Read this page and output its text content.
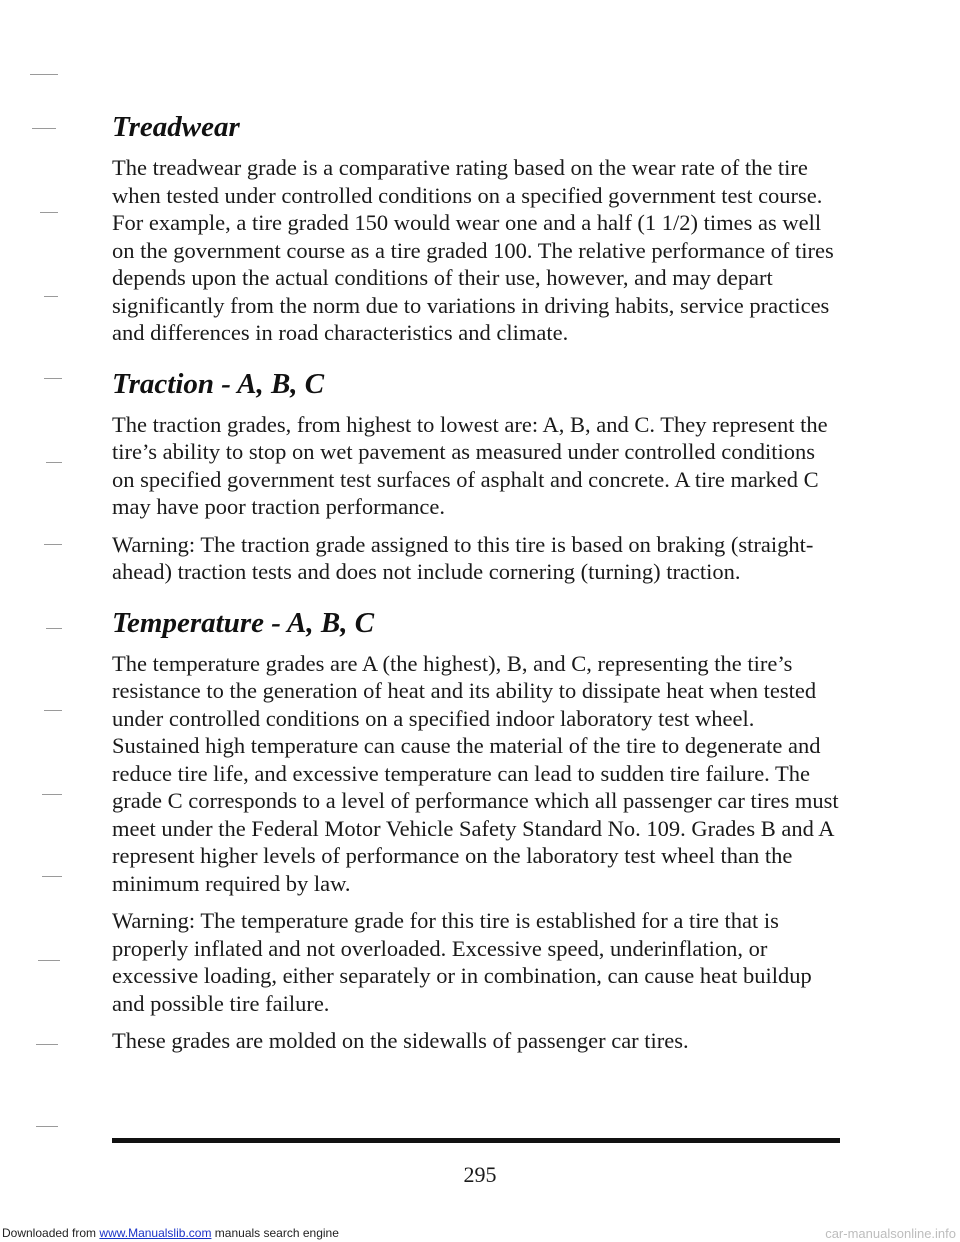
Treadwear

The treadwear grade is a comparative rating based on the wear rate of the tire when tested under controlled conditions on a specified government test course. For example, a tire graded 150 would wear one and a half (1 1/2) times as well on the government course as a tire graded 100. The relative performance of tires depends upon the actual conditions of their use, however, and may depart significantly from the norm due to variations in driving habits, service practices and differences in road characteristics and climate.

Traction - A, B, C

The traction grades, from highest to lowest are: A, B, and C. They represent the tire’s ability to stop on wet pavement as measured under controlled conditions on specified government test surfaces of asphalt and concrete. A tire marked C may have poor traction performance.

Warning: The traction grade assigned to this tire is based on braking (straight-ahead) traction tests and does not include cornering (turning) traction.

Temperature - A, B, C

The temperature grades are A (the highest), B, and C, representing the tire’s resistance to the generation of heat and its ability to dissipate heat when tested under controlled conditions on a specified indoor laboratory test wheel. Sustained high temperature can cause the material of the tire to degenerate and reduce tire life, and excessive temperature can lead to sudden tire failure. The grade C corresponds to a level of performance which all passenger car tires must meet under the Federal Motor Vehicle Safety Standard No. 109. Grades B and A represent higher levels of performance on the laboratory test wheel than the minimum required by law.

Warning: The temperature grade for this tire is established for a tire that is properly inflated and not overloaded. Excessive speed, underinflation, or excessive loading, either separately or in combination, can cause heat buildup and possible tire failure.

These grades are molded on the sidewalls of passenger car tires.

295
Downloaded from www.Manualslib.com manuals search engine	car-manualsonline.info
